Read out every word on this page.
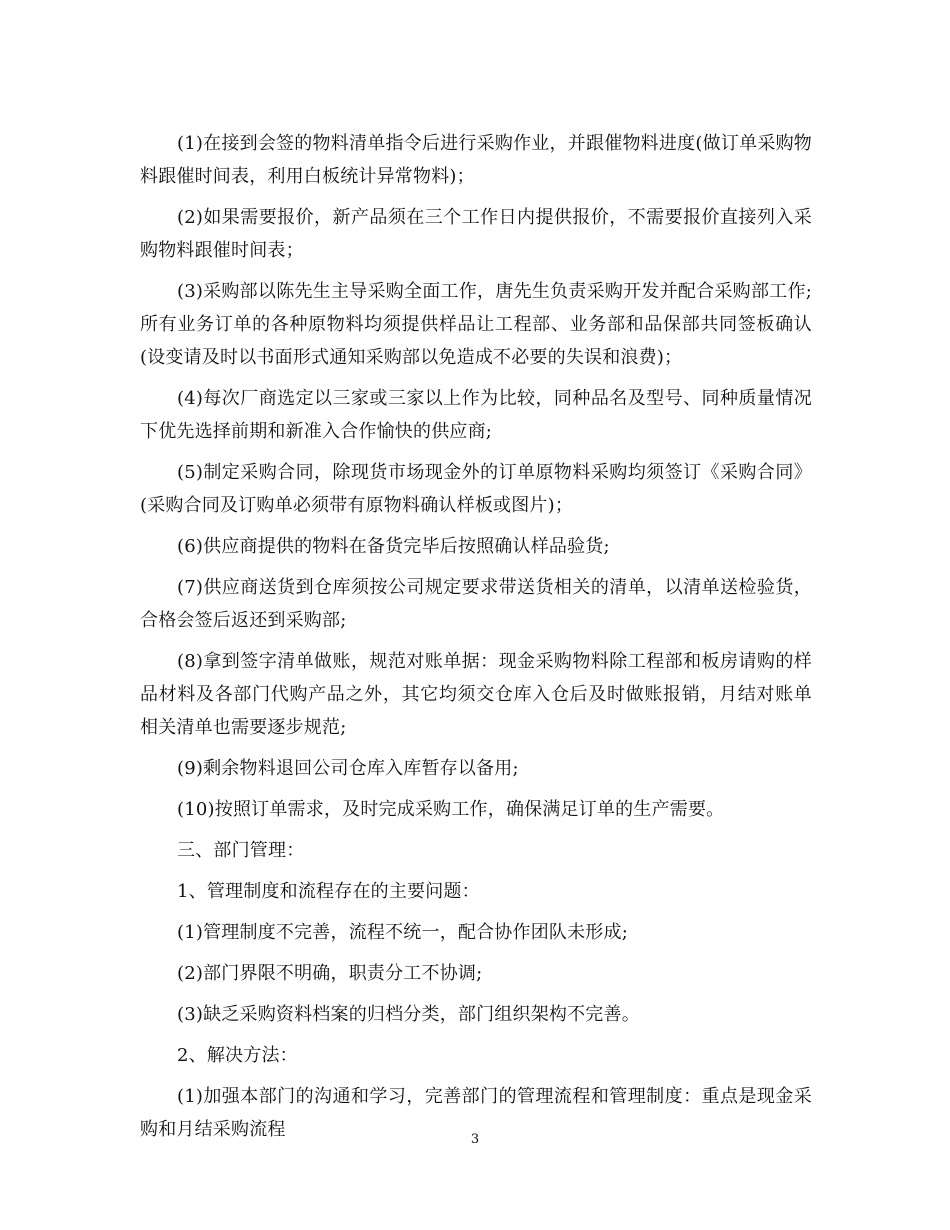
(1)在接到会签的物料清单指令后进行采购作业，并跟催物料进度(做订单采购物料跟催时间表，利用白板统计异常物料)；

(2)如果需要报价，新产品须在三个工作日内提供报价，不需要报价直接列入采购物料跟催时间表；

(3)采购部以陈先生主导采购全面工作，唐先生负责采购开发并配合采购部工作;所有业务订单的各种原物料均须提供样品让工程部、业务部和品保部共同签板确认(设变请及时以书面形式通知采购部以免造成不必要的失误和浪费)；

(4)每次厂商选定以三家或三家以上作为比较，同种品名及型号、同种质量情况下优先选择前期和新准入合作愉快的供应商;

(5)制定采购合同，除现货市场现金外的订单原物料采购均须签订《采购合同》(采购合同及订购单必须带有原物料确认样板或图片)；

(6)供应商提供的物料在备货完毕后按照确认样品验货;

(7)供应商送货到仓库须按公司规定要求带送货相关的清单，以清单送检验货，合格会签后返还到采购部;

(8)拿到签字清单做账，规范对账单据：现金采购物料除工程部和板房请购的样品材料及各部门代购产品之外，其它均须交仓库入仓后及时做账报销，月结对账单相关清单也需要逐步规范;

(9)剩余物料退回公司仓库入库暂存以备用;

(10)按照订单需求，及时完成采购工作，确保满足订单的生产需要。

三、部门管理：

1、管理制度和流程存在的主要问题：

(1)管理制度不完善，流程不统一，配合协作团队未形成;

(2)部门界限不明确，职责分工不协调;

(3)缺乏采购资料档案的归档分类，部门组织架构不完善。

2、解决方法：

(1)加强本部门的沟通和学习，完善部门的管理流程和管理制度：重点是现金采购和月结采购流程	3
